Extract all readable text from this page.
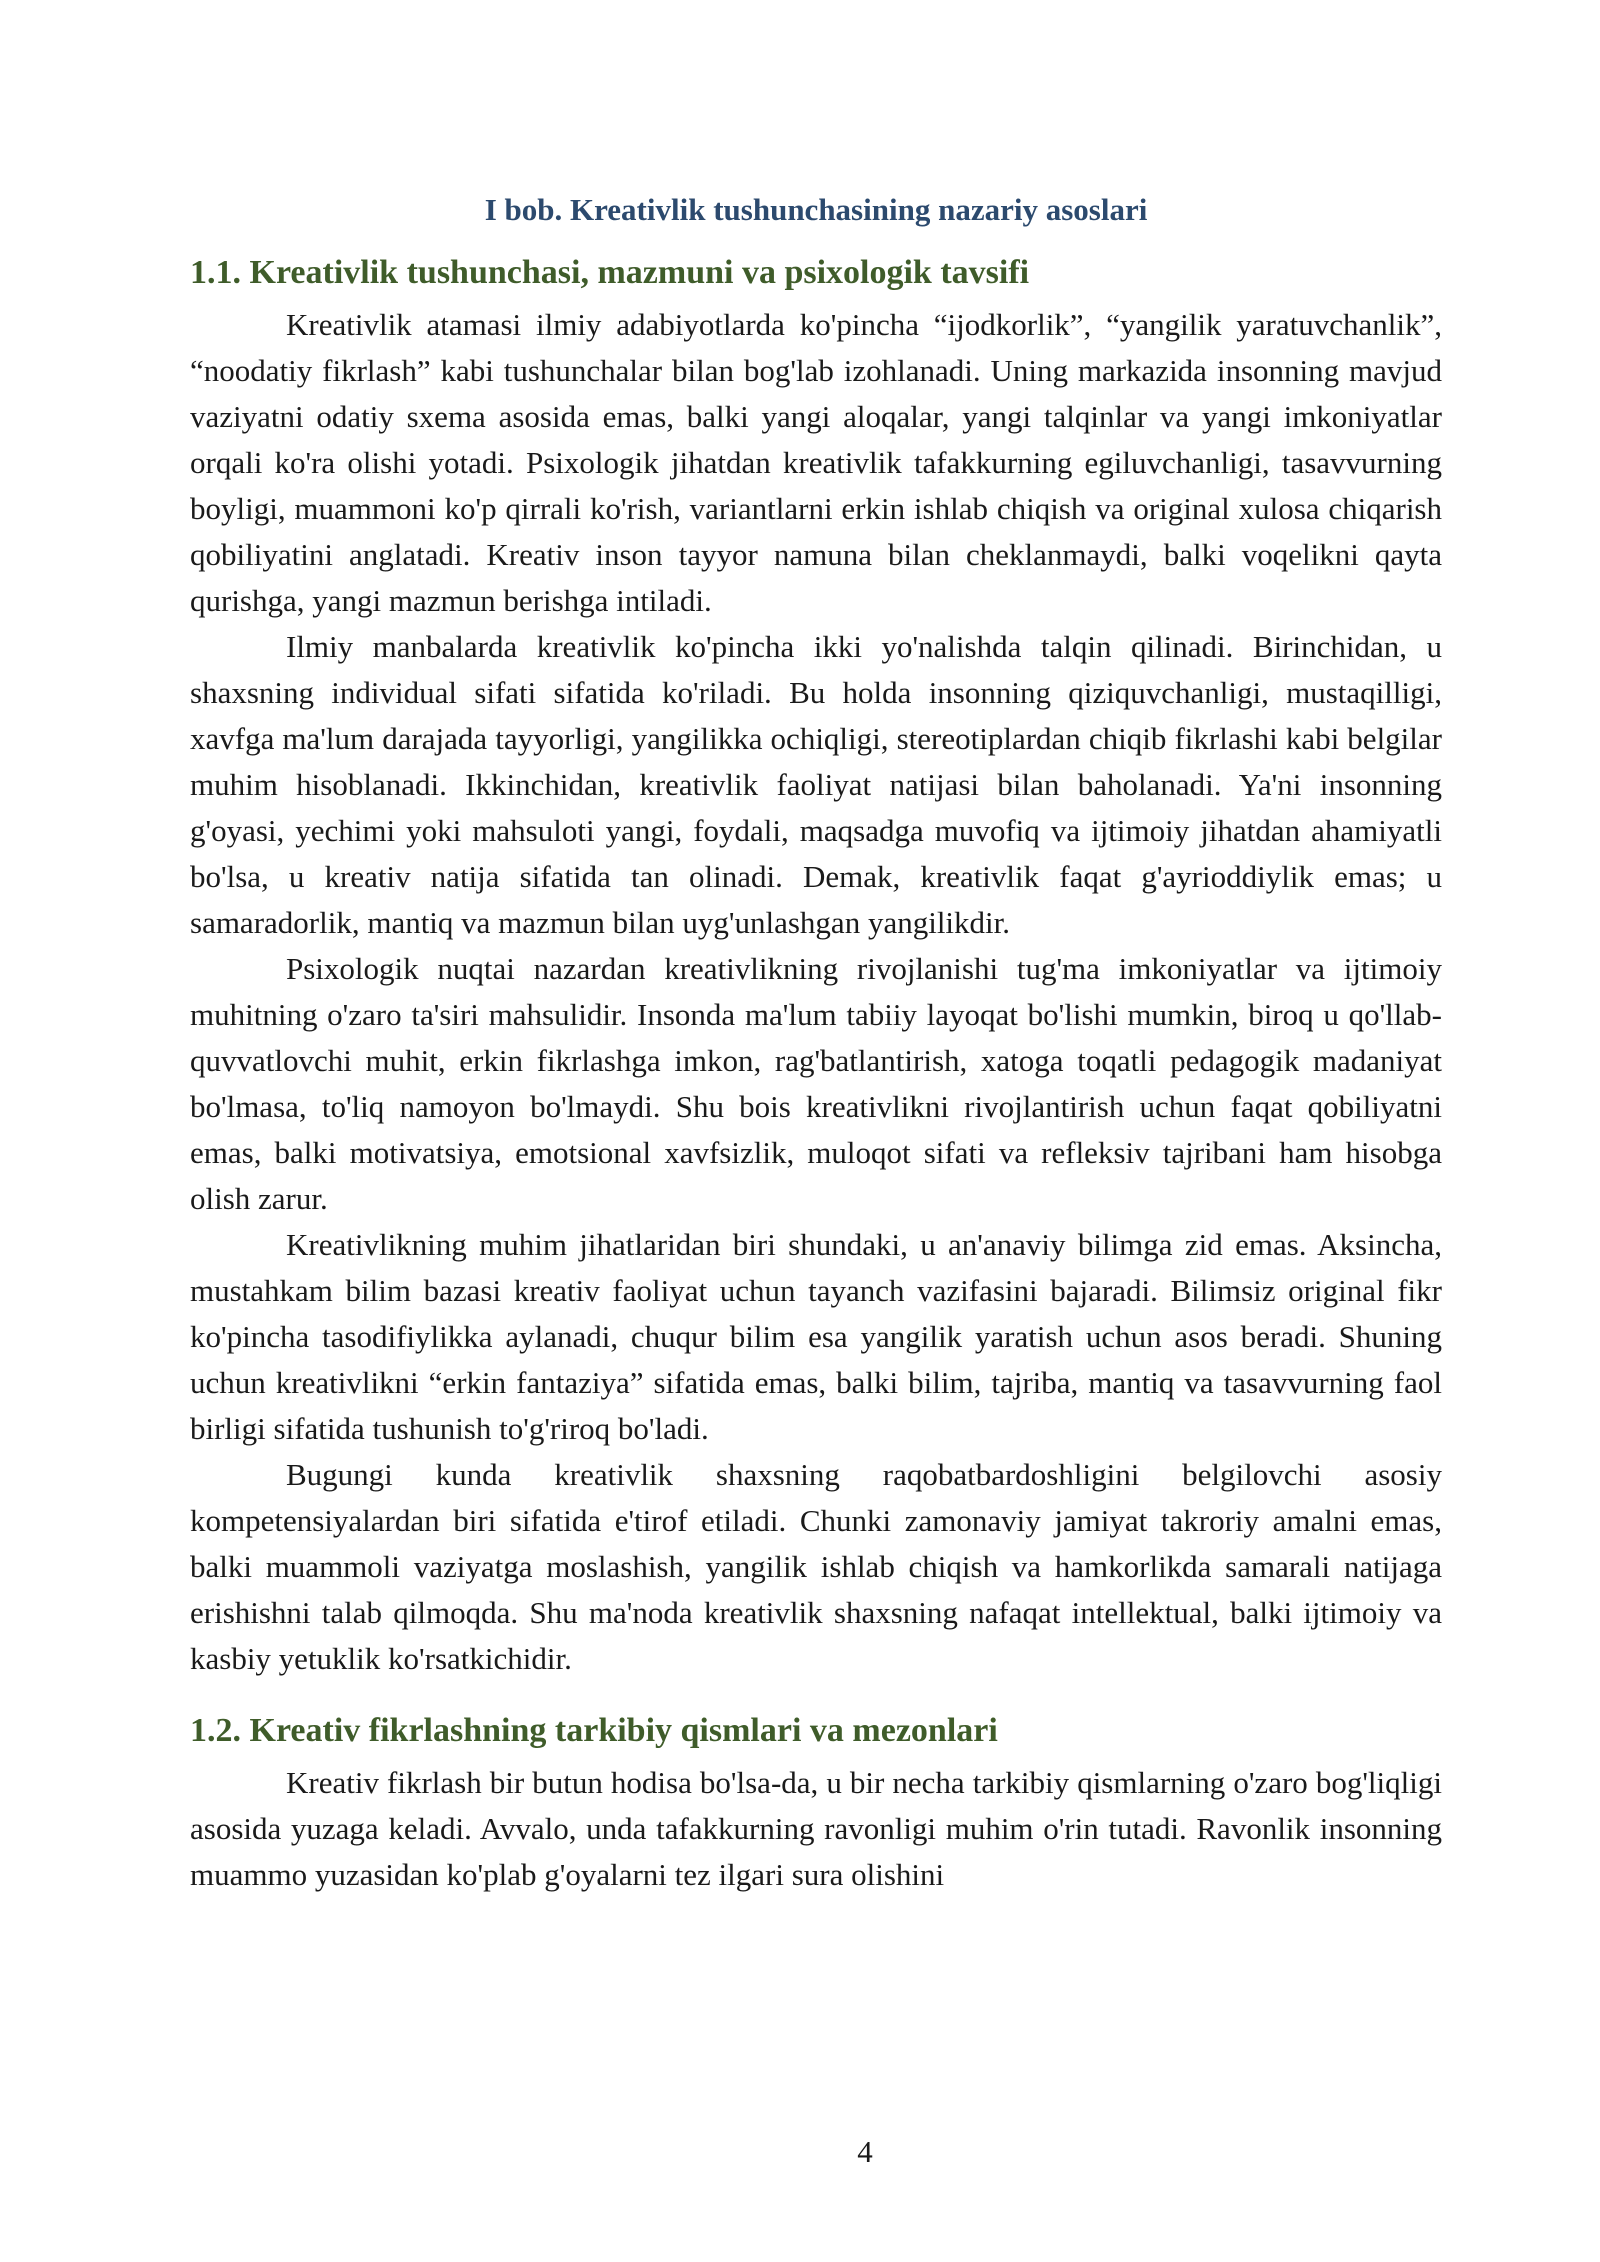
I bob. Kreativlik tushunchasining nazariy asoslari
1.1. Kreativlik tushunchasi, mazmuni va psixologik tavsifi

Kreativlik atamasi ilmiy adabiyotlarda ko'pincha “ijodkorlik”, “yangilik yaratuvchanlik”, “noodatiy fikrlash” kabi tushunchalar bilan bog'lab izohlanadi. Uning markazida insonning mavjud vaziyatni odatiy sxema asosida emas, balki yangi aloqalar, yangi talqinlar va yangi imkoniyatlar orqali ko'ra olishi yotadi. Psixologik jihatdan kreativlik tafakkurning egiluvchanligi, tasavvurning boyligi, muammoni ko'p qirrali ko'rish, variantlarni erkin ishlab chiqish va original xulosa chiqarish qobiliyatini anglatadi. Kreativ inson tayyor namuna bilan cheklanmaydi, balki voqelikni qayta qurishga, yangi mazmun berishga intiladi.

Ilmiy manbalarda kreativlik ko'pincha ikki yo'nalishda talqin qilinadi. Birinchidan, u shaxsning individual sifati sifatida ko'riladi. Bu holda insonning qiziquvchanligi, mustaqilligi, xavfga ma'lum darajada tayyorligi, yangilikka ochiqligi, stereotiplardan chiqib fikrlashi kabi belgilar muhim hisoblanadi. Ikkinchidan, kreativlik faoliyat natijasi bilan baholanadi. Ya'ni insonning g'oyasi, yechimi yoki mahsuloti yangi, foydali, maqsadga muvofiq va ijtimoiy jihatdan ahamiyatli bo'lsa, u kreativ natija sifatida tan olinadi. Demak, kreativlik faqat g'ayrioddiylik emas; u samaradorlik, mantiq va mazmun bilan uyg'unlashgan yangilikdir.

Psixologik nuqtai nazardan kreativlikning rivojlanishi tug'ma imkoniyatlar va ijtimoiy muhitning o'zaro ta'siri mahsulidir. Insonda ma'lum tabiiy layoqat bo'lishi mumkin, biroq u qo'llab-quvvatlovchi muhit, erkin fikrlashga imkon, rag'batlantirish, xatoga toqatli pedagogik madaniyat bo'lmasa, to'liq namoyon bo'lmaydi. Shu bois kreativlikni rivojlantirish uchun faqat qobiliyatni emas, balki motivatsiya, emotsional xavfsizlik, muloqot sifati va refleksiv tajribani ham hisobga olish zarur.

Kreativlikning muhim jihatlaridan biri shundaki, u an'anaviy bilimga zid emas. Aksincha, mustahkam bilim bazasi kreativ faoliyat uchun tayanch vazifasini bajaradi. Bilimsiz original fikr ko'pincha tasodifiylikka aylanadi, chuqur bilim esa yangilik yaratish uchun asos beradi. Shuning uchun kreativlikni “erkin fantaziya” sifatida emas, balki bilim, tajriba, mantiq va tasavvurning faol birligi sifatida tushunish to'g'riroq bo'ladi.

Bugungi kunda kreativlik shaxsning raqobatbardoshligini belgilovchi asosiy kompetensiyalardan biri sifatida e'tirof etiladi. Chunki zamonaviy jamiyat takroriy amalni emas, balki muammoli vaziyatga moslashish, yangilik ishlab chiqish va hamkorlikda samarali natijaga erishishni talab qilmoqda. Shu ma'noda kreativlik shaxsning nafaqat intellektual, balki ijtimoiy va kasbiy yetuklik ko'rsatkichidir.

1.2. Kreativ fikrlashning tarkibiy qismlari va mezonlari

Kreativ fikrlash bir butun hodisa bo'lsa-da, u bir necha tarkibiy qismlarning o'zaro bog'liqligi asosida yuzaga keladi. Avvalo, unda tafakkurning ravonligi muhim o'rin tutadi. Ravonlik insonning muammo yuzasidan ko'plab g'oyalarni tez ilgari sura olishini

4
